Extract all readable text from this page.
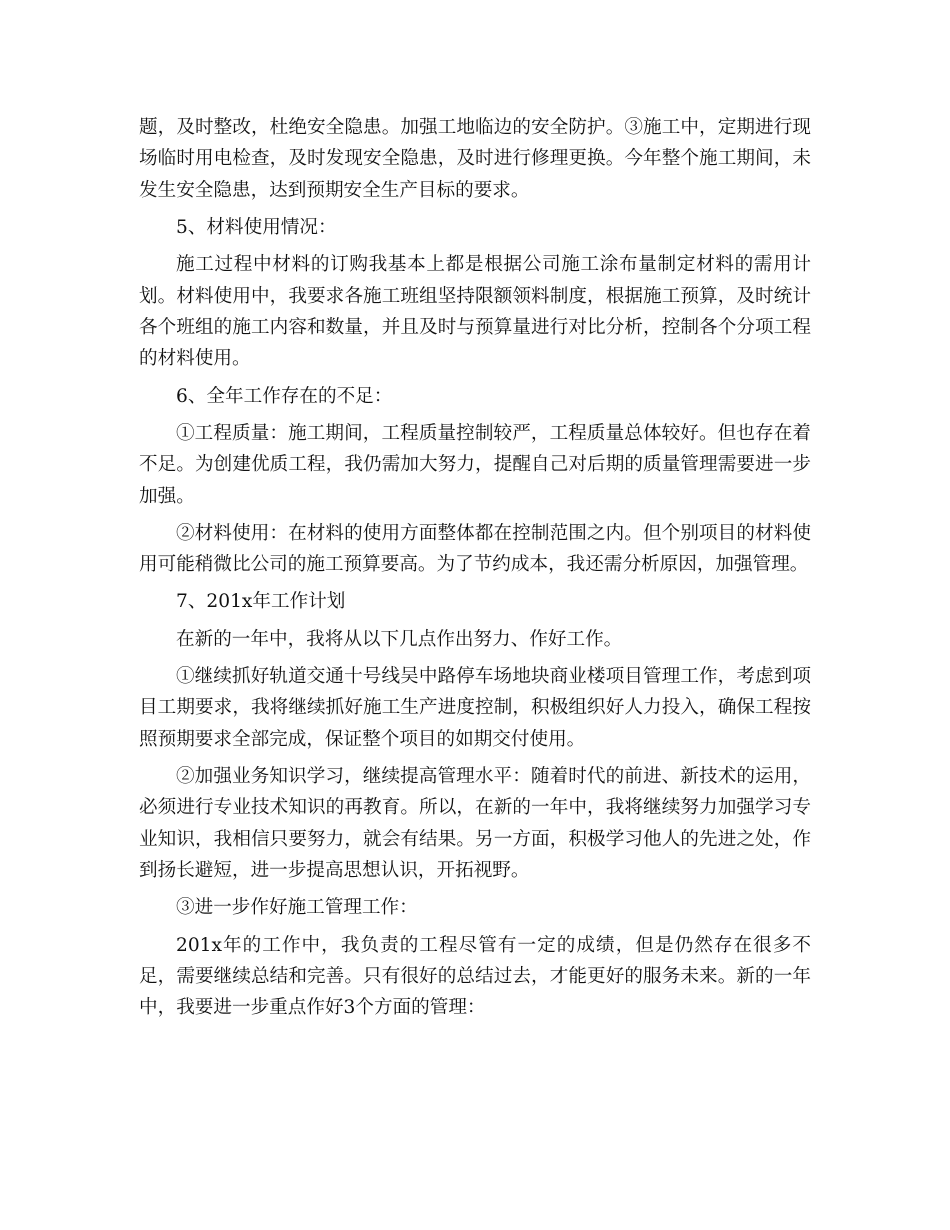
题，及时整改，杜绝安全隐患。加强工地临边的安全防护。③施工中，定期进行现场临时用电检查，及时发现安全隐患，及时进行修理更换。今年整个施工期间，未发生安全隐患，达到预期安全生产目标的要求。

5、材料使用情况：

施工过程中材料的订购我基本上都是根据公司施工涂布量制定材料的需用计划。材料使用中，我要求各施工班组坚持限额领料制度，根据施工预算，及时统计各个班组的施工内容和数量，并且及时与预算量进行对比分析，控制各个分项工程的材料使用。

6、全年工作存在的不足：

①工程质量：施工期间，工程质量控制较严，工程质量总体较好。但也存在着不足。为创建优质工程，我仍需加大努力，提醒自己对后期的质量管理需要进一步加强。

②材料使用：在材料的使用方面整体都在控制范围之内。但个别项目的材料使用可能稍微比公司的施工预算要高。为了节约成本，我还需分析原因，加强管理。

7、201x年工作计划

在新的一年中，我将从以下几点作出努力、作好工作。

①继续抓好轨道交通十号线吴中路停车场地块商业楼项目管理工作，考虑到项目工期要求，我将继续抓好施工生产进度控制，积极组织好人力投入，确保工程按照预期要求全部完成，保证整个项目的如期交付使用。

②加强业务知识学习，继续提高管理水平：随着时代的前进、新技术的运用，必须进行专业技术知识的再教育。所以，在新的一年中，我将继续努力加强学习专业知识，我相信只要努力，就会有结果。另一方面，积极学习他人的先进之处，作到扬长避短，进一步提高思想认识，开拓视野。

③进一步作好施工管理工作：

201x年的工作中，我负责的工程尽管有一定的成绩，但是仍然存在很多不足，需要继续总结和完善。只有很好的总结过去，才能更好的服务未来。新的一年中，我要进一步重点作好3个方面的管理：
